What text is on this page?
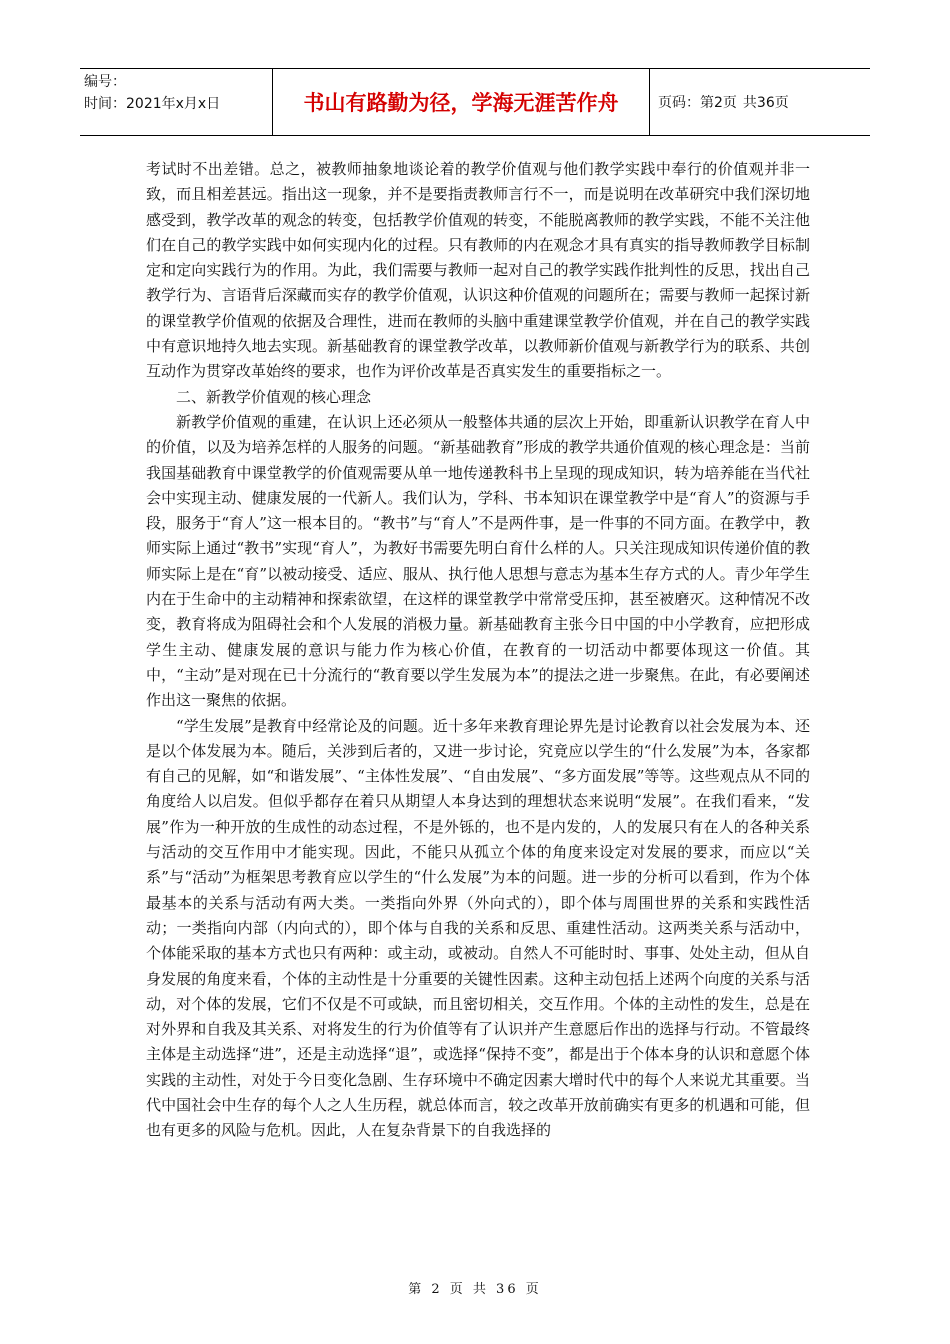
编号：
时间：2021年x月x日	书山有路勤为径，学海无涯苦作舟	页码：第2页 共36页

考试时不出差错。总之，被教师抽象地谈论着的教学价值观与他们教学实践中奉行的价值观并非一致，而且相差甚远。指出这一现象，并不是要指责教师言行不一，而是说明在改革研究中我们深切地感受到，教学改革的观念的转变，包括教学价值观的转变，不能脱离教师的教学实践，不能不关注他们在自己的教学实践中如何实现内化的过程。只有教师的内在观念才具有真实的指导教师教学目标制定和定向实践行为的作用。为此，我们需要与教师一起对自己的教学实践作批判性的反思，找出自己教学行为、言语背后深藏而实存的教学价值观，认识这种价值观的问题所在；需要与教师一起探讨新的课堂教学价值观的依据及合理性，进而在教师的头脑中重建课堂教学价值观，并在自己的教学实践中有意识地持久地去实现。新基础教育的课堂教学改革，以教师新价值观与新教学行为的联系、共创互动作为贯穿改革始终的要求，也作为评价改革是否真实发生的重要指标之一。

二、新教学价值观的核心理念

新教学价值观的重建，在认识上还必须从一般整体共通的层次上开始，即重新认识教学在育人中的价值，以及为培养怎样的人服务的问题。“新基础教育”形成的教学共通价值观的核心理念是：当前我国基础教育中课堂教学的价值观需要从单一地传递教科书上呈现的现成知识，转为培养能在当代社会中实现主动、健康发展的一代新人。我们认为，学科、书本知识在课堂教学中是“育人”的资源与手段，服务于“育人”这一根本目的。“教书”与“育人”不是两件事，是一件事的不同方面。在教学中，教师实际上通过“教书”实现“育人”，为教好书需要先明白育什么样的人。只关注现成知识传递价值的教师实际上是在“育”以被动接受、适应、服从、执行他人思想与意志为基本生存方式的人。青少年学生内在于生命中的主动精神和探索欲望，在这样的课堂教学中常常受压抑，甚至被磨灭。这种情况不改变，教育将成为阻碍社会和个人发展的消极力量。新基础教育主张今日中国的中小学教育，应把形成学生主动、健康发展的意识与能力作为核心价值，在教育的一切活动中都要体现这一价值。其中，“主动”是对现在已十分流行的“教育要以学生发展为本”的提法之进一步聚焦。在此，有必要阐述作出这一聚焦的依据。

“学生发展”是教育中经常论及的问题。近十多年来教育理论界先是讨论教育以社会发展为本、还是以个体发展为本。随后，关涉到后者的，又进一步讨论，究竟应以学生的“什么发展”为本，各家都有自己的见解，如“和谐发展”、“主体性发展”、“自由发展”、“多方面发展”等等。这些观点从不同的角度给人以启发。但似乎都存在着只从期望人本身达到的理想状态来说明“发展”。在我们看来，“发展”作为一种开放的生成性的动态过程，不是外铄的，也不是内发的，人的发展只有在人的各种关系与活动的交互作用中才能实现。因此，不能只从孤立个体的角度来设定对发展的要求，而应以“关系”与“活动”为框架思考教育应以学生的“什么发展”为本的问题。进一步的分析可以看到，作为个体最基本的关系与活动有两大类。一类指向外界（外向式的），即个体与周围世界的关系和实践性活动；一类指向内部（内向式的），即个体与自我的关系和反思、重建性活动。这两类关系与活动中，个体能采取的基本方式也只有两种：或主动，或被动。自然人不可能时时、事事、处处主动，但从自身发展的角度来看，个体的主动性是十分重要的关键性因素。这种主动包括上述两个向度的关系与活动，对个体的发展，它们不仅是不可或缺，而且密切相关，交互作用。个体的主动性的发生，总是在对外界和自我及其关系、对将发生的行为价值等有了认识并产生意愿后作出的选择与行动。不管最终主体是主动选择“进”，还是主动选择“退”，或选择“保持不变”，都是出于个体本身的认识和意愿个体实践的主动性，对处于今日变化急剧、生存环境中不确定因素大增时代中的每个人来说尤其重要。当代中国社会中生存的每个人之人生历程，就总体而言，较之改革开放前确实有更多的机遇和可能，但也有更多的风险与危机。因此，人在复杂背景下的自我选择的

第 2 页 共 36 页
